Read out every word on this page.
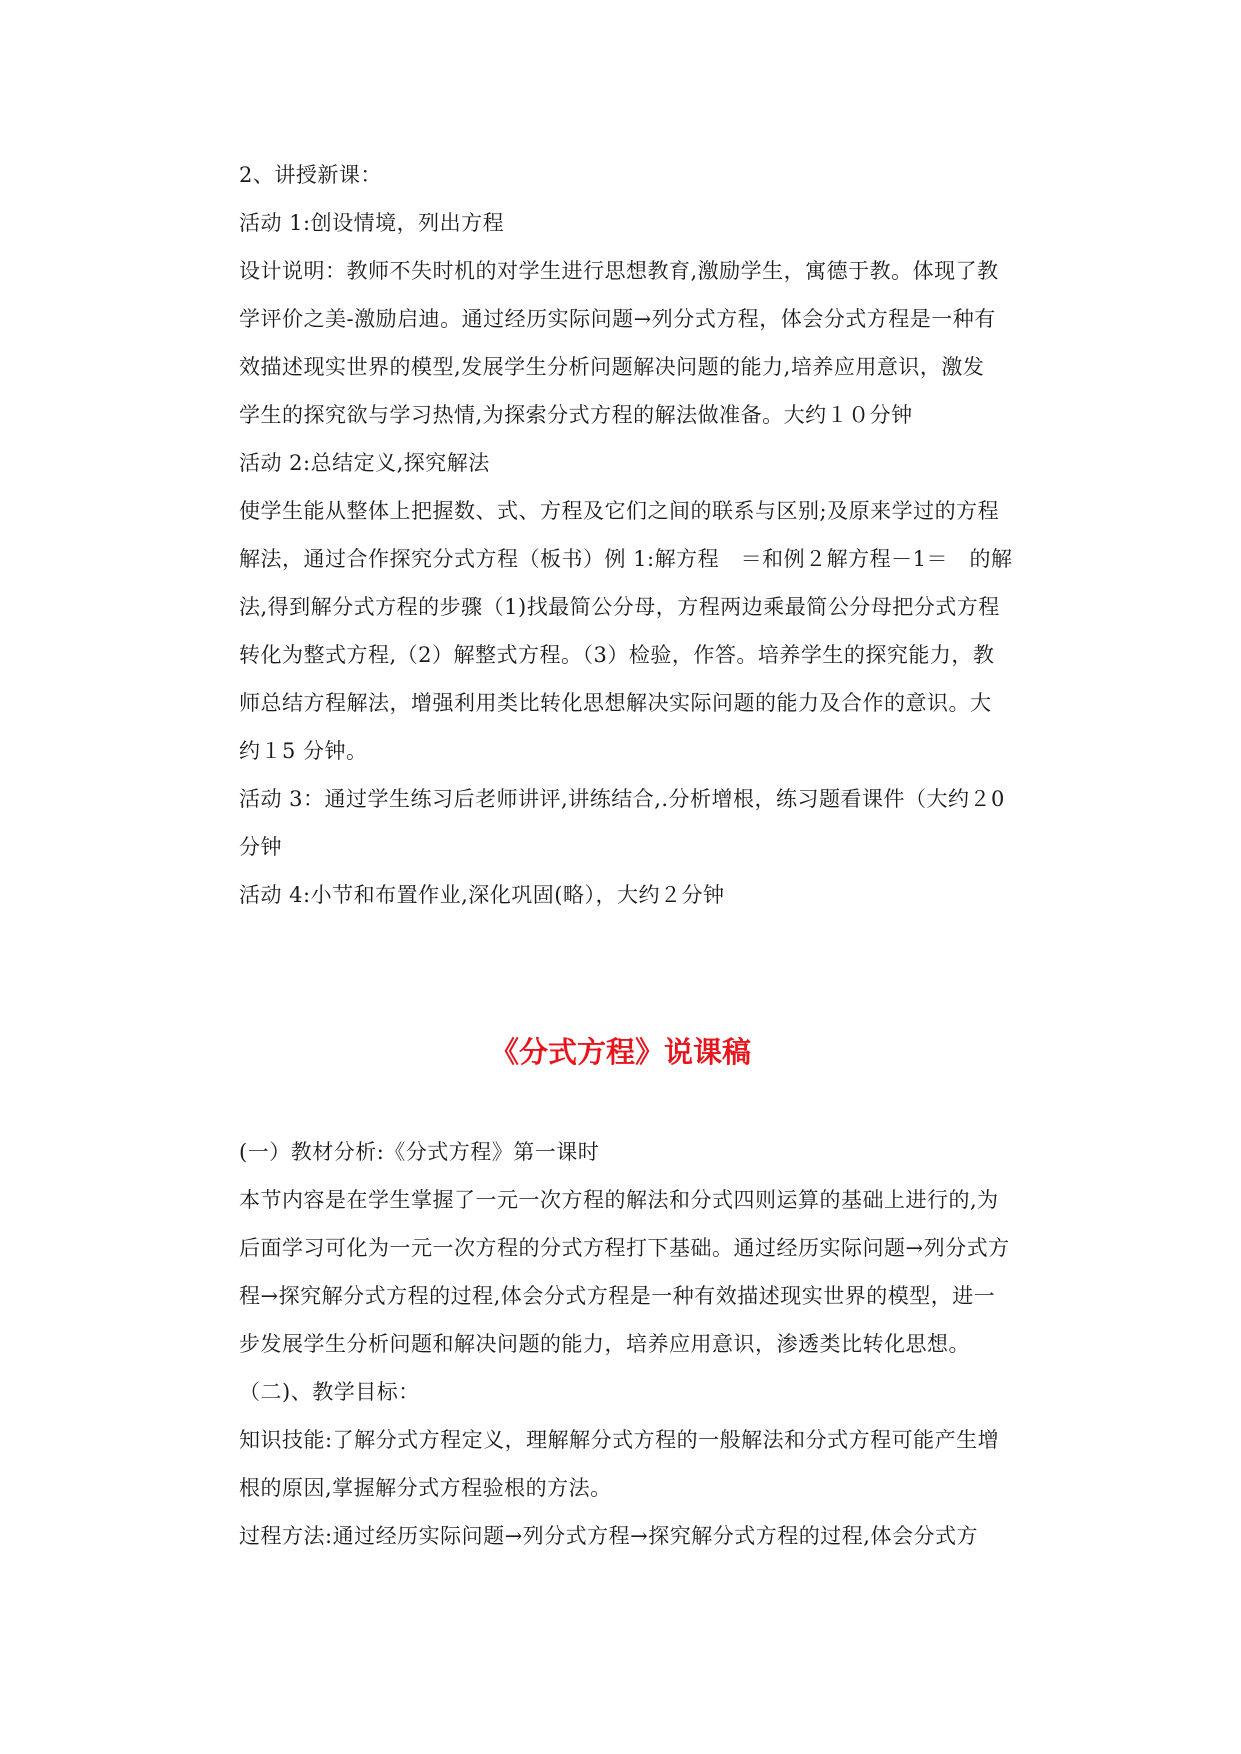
2、讲授新课：

活动 1:创设情境，列出方程

设计说明：教师不失时机的对学生进行思想教育,激励学生，寓德于教。体现了教

学评价之美-激励启迪。通过经历实际问题→列分式方程，体会分式方程是一种有

效描述现实世界的模型,发展学生分析问题解决问题的能力,培养应用意识，激发

学生的探究欲与学习热情,为探索分式方程的解法做准备。大约１０分钟

活动 2:总结定义,探究解法

使学生能从整体上把握数、式、方程及它们之间的联系与区别;及原来学过的方程

解法，通过合作探究分式方程（板书）例 1:解方程　＝和例２解方程－1＝　的解

法,得到解分式方程的步骤（1)找最简公分母，方程两边乘最简公分母把分式方程

转化为整式方程,（2）解整式方程。（3）检验，作答。培养学生的探究能力，教

师总结方程解法，增强利用类比转化思想解决实际问题的能力及合作的意识。大

约１5 分钟。

活动 3：通过学生练习后老师讲评,讲练结合,.分析增根，练习题看课件（大约２0

分钟

活动 4:小节和布置作业,深化巩固(略），大约２分钟

《分式方程》说课稿

(一）教材分析:《分式方程》第一课时

本节内容是在学生掌握了一元一次方程的解法和分式四则运算的基础上进行的,为

后面学习可化为一元一次方程的分式方程打下基础。通过经历实际问题→列分式方

程→探究解分式方程的过程,体会分式方程是一种有效描述现实世界的模型，进一

步发展学生分析问题和解决问题的能力，培养应用意识，渗透类比转化思想。

（二)、教学目标：

知识技能:了解分式方程定义，理解解分式方程的一般解法和分式方程可能产生增

根的原因,掌握解分式方程验根的方法。

过程方法:通过经历实际问题→列分式方程→探究解分式方程的过程,体会分式方
